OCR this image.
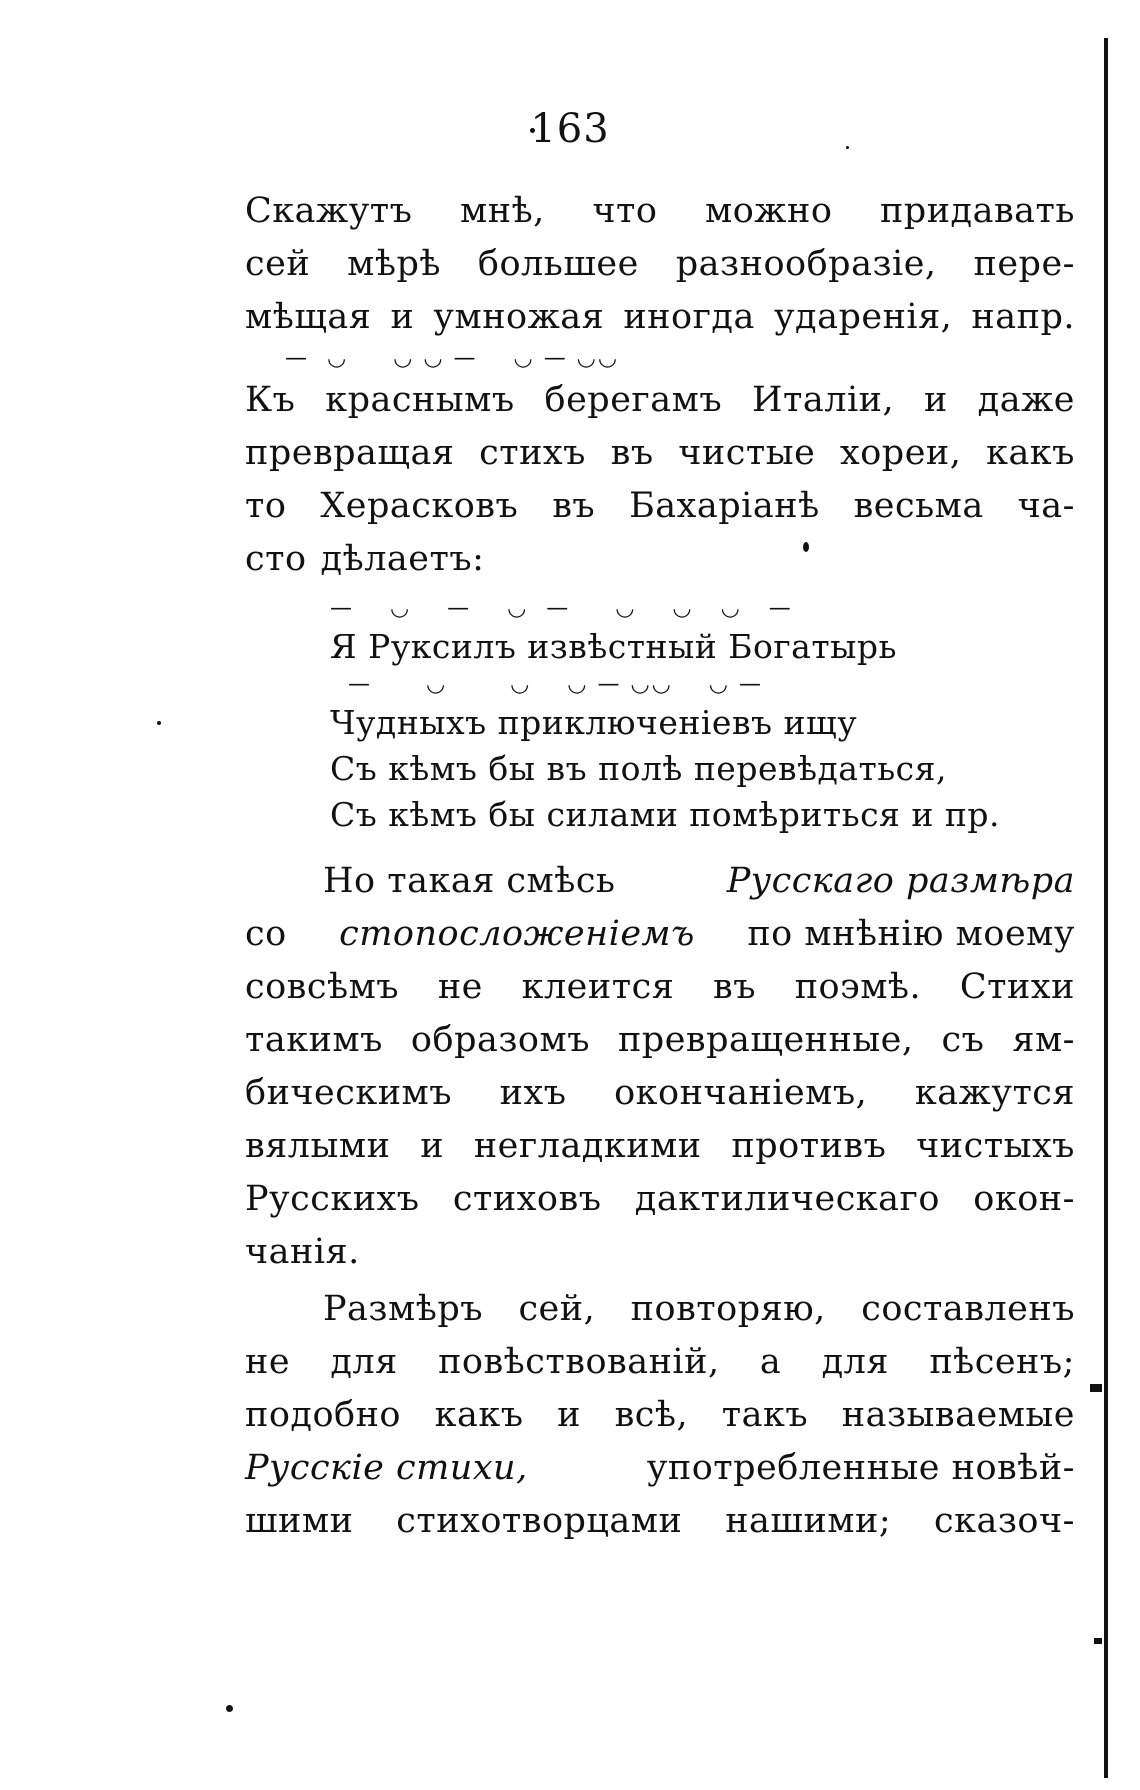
163
Скажутъ мнѣ, что можно придавать
сей мѣрѣ большее разнообразіе, пере-
мѣщая и умножая иногда ударенія, напр.
—  ◡     ◡ ◡ —    ◡ — ◡◡
Къ краснымъ берегамъ Италіи, и даже
превращая стихъ въ чистые хореи, какъ
то Херасковъ въ Бахаріанѣ весьма ча-
сто дѣлаетъ:
—    ◡    —    ◡  —     ◡    ◡   ◡   —
Я Руксилъ извѣстный Богатырь
—      ◡       ◡    ◡ — ◡◡    ◡ —
Чудныхъ приключеніевъ ищу
Съ кѣмъ бы въ полѣ перевѣдаться,
Съ кѣмъ бы силами помѣриться и пр.
Но такая смѣсь	Русскаго размѣра
со стопосложеніемъ по мнѣнію моему
совсѣмъ не клеится въ поэмѣ. Стихи
такимъ образомъ превращенные, съ ям-
бическимъ ихъ окончаніемъ, кажутся
вялыми и негладкими противъ чистыхъ
Русскихъ стиховъ дактилическаго окон-
чанія.
Размѣръ сей, повторяю, составленъ
не для повѣствованій, а для пѣсенъ;
подобно какъ и всѣ, такъ называемые
Русскіе стихи,	употребленные новѣй-
шими стихотворцами нашими; сказоч-
